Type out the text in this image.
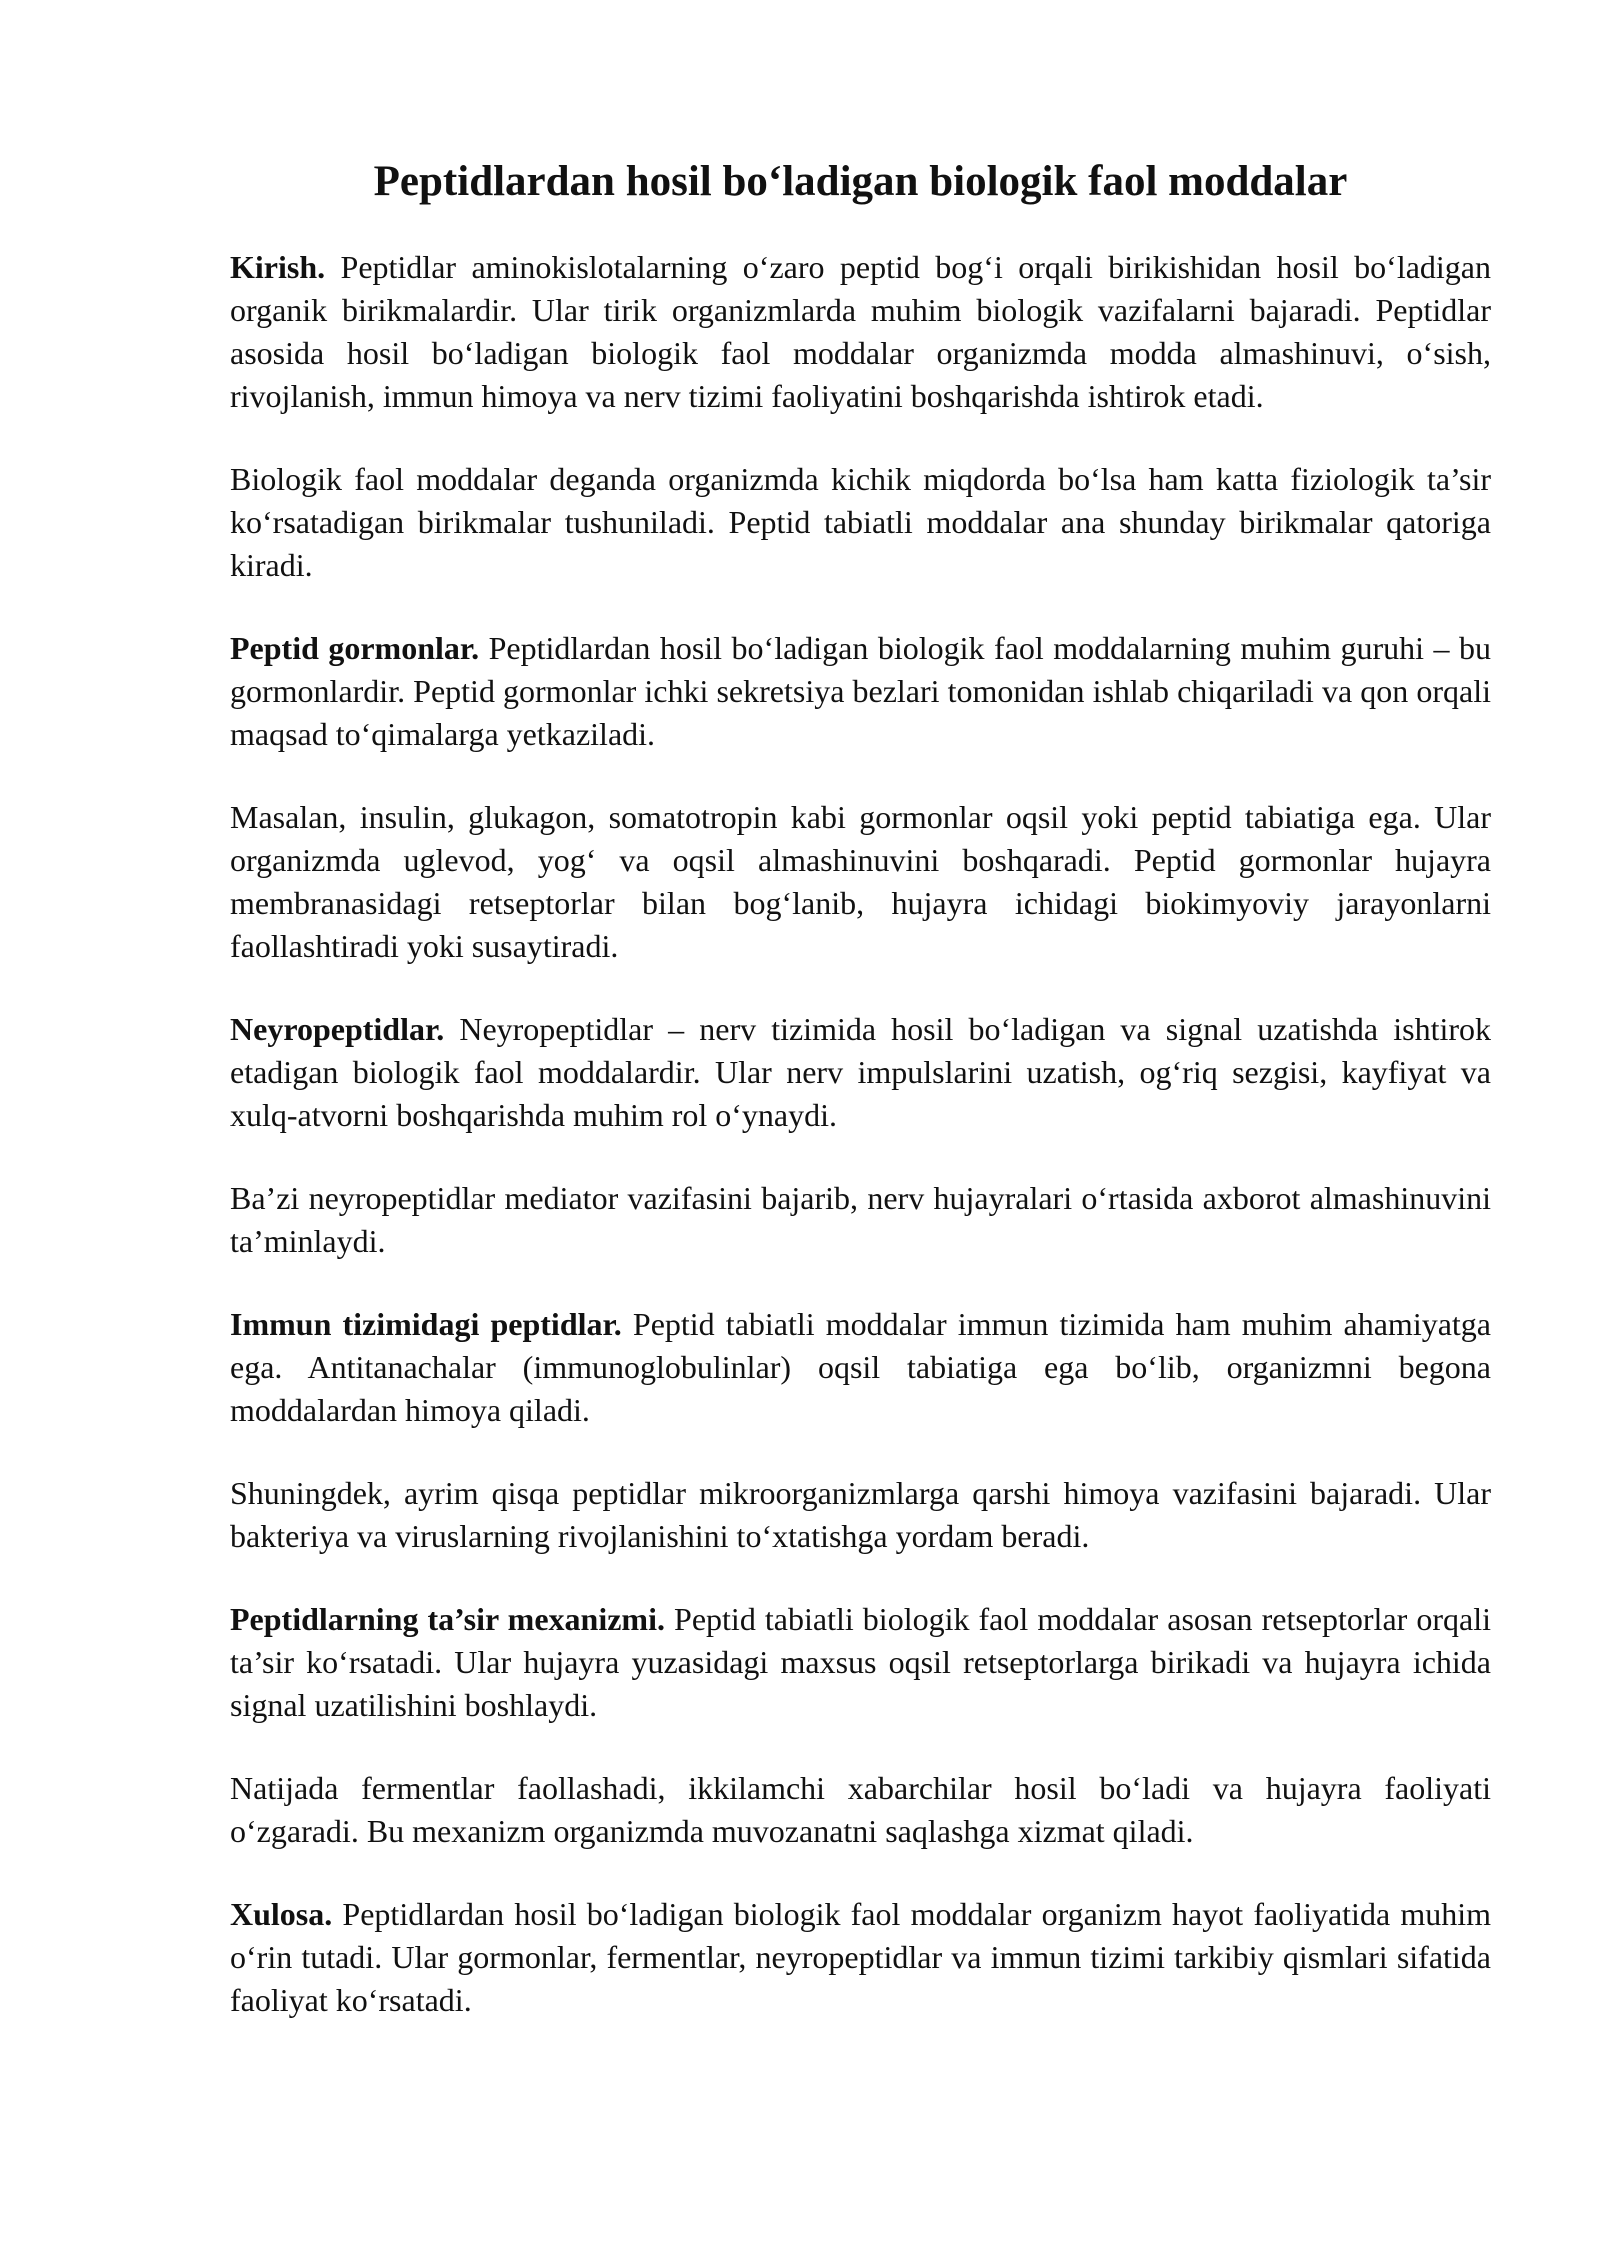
Peptidlardan hosil bo‘ladigan biologik faol moddalar

Kirish. Peptidlar aminokislotalarning o‘zaro peptid bog‘i orqali birikishidan hosil bo‘ladigan organik birikmalardir. Ular tirik organizmlarda muhim biologik vazifalarni bajaradi. Peptidlar asosida hosil bo‘ladigan biologik faol moddalar organizmda modda almashinuvi, o‘sish, rivojlanish, immun himoya va nerv tizimi faoliyatini boshqarishda ishtirok etadi.

Biologik faol moddalar deganda organizmda kichik miqdorda bo‘lsa ham katta fiziologik ta’sir ko‘rsatadigan birikmalar tushuniladi. Peptid tabiatli moddalar ana shunday birikmalar qatoriga kiradi.

Peptid gormonlar. Peptidlardan hosil bo‘ladigan biologik faol moddalarning muhim guruhi – bu gormonlardir. Peptid gormonlar ichki sekretsiya bezlari tomonidan ishlab chiqariladi va qon orqali maqsad to‘qimalarga yetkaziladi.

Masalan, insulin, glukagon, somatotropin kabi gormonlar oqsil yoki peptid tabiatiga ega. Ular organizmda uglevod, yog‘ va oqsil almashinuvini boshqaradi. Peptid gormonlar hujayra membranasidagi retseptorlar bilan bog‘lanib, hujayra ichidagi biokimyoviy jarayonlarni faollashtiradi yoki susaytiradi.

Neyropeptidlar. Neyropeptidlar – nerv tizimida hosil bo‘ladigan va signal uzatishda ishtirok etadigan biologik faol moddalardir. Ular nerv impulslarini uzatish, og‘riq sezgisi, kayfiyat va xulq-atvorni boshqarishda muhim rol o‘ynaydi.

Ba’zi neyropeptidlar mediator vazifasini bajarib, nerv hujayralari o‘rtasida axborot almashinuvini ta’minlaydi.

Immun tizimidagi peptidlar. Peptid tabiatli moddalar immun tizimida ham muhim ahamiyatga ega. Antitanachalar (immunoglobulinlar) oqsil tabiatiga ega bo‘lib, organizmni begona moddalardan himoya qiladi.

Shuningdek, ayrim qisqa peptidlar mikroorganizmlarga qarshi himoya vazifasini bajaradi. Ular bakteriya va viruslarning rivojlanishini to‘xtatishga yordam beradi.

Peptidlarning ta’sir mexanizmi. Peptid tabiatli biologik faol moddalar asosan retseptorlar orqali ta’sir ko‘rsatadi. Ular hujayra yuzasidagi maxsus oqsil retseptorlarga birikadi va hujayra ichida signal uzatilishini boshlaydi.

Natijada fermentlar faollashadi, ikkilamchi xabarchilar hosil bo‘ladi va hujayra faoliyati o‘zgaradi. Bu mexanizm organizmda muvozanatni saqlashga xizmat qiladi.

Xulosa. Peptidlardan hosil bo‘ladigan biologik faol moddalar organizm hayot faoliyatida muhim o‘rin tutadi. Ular gormonlar, fermentlar, neyropeptidlar va immun tizimi tarkibiy qismlari sifatida faoliyat ko‘rsatadi.
